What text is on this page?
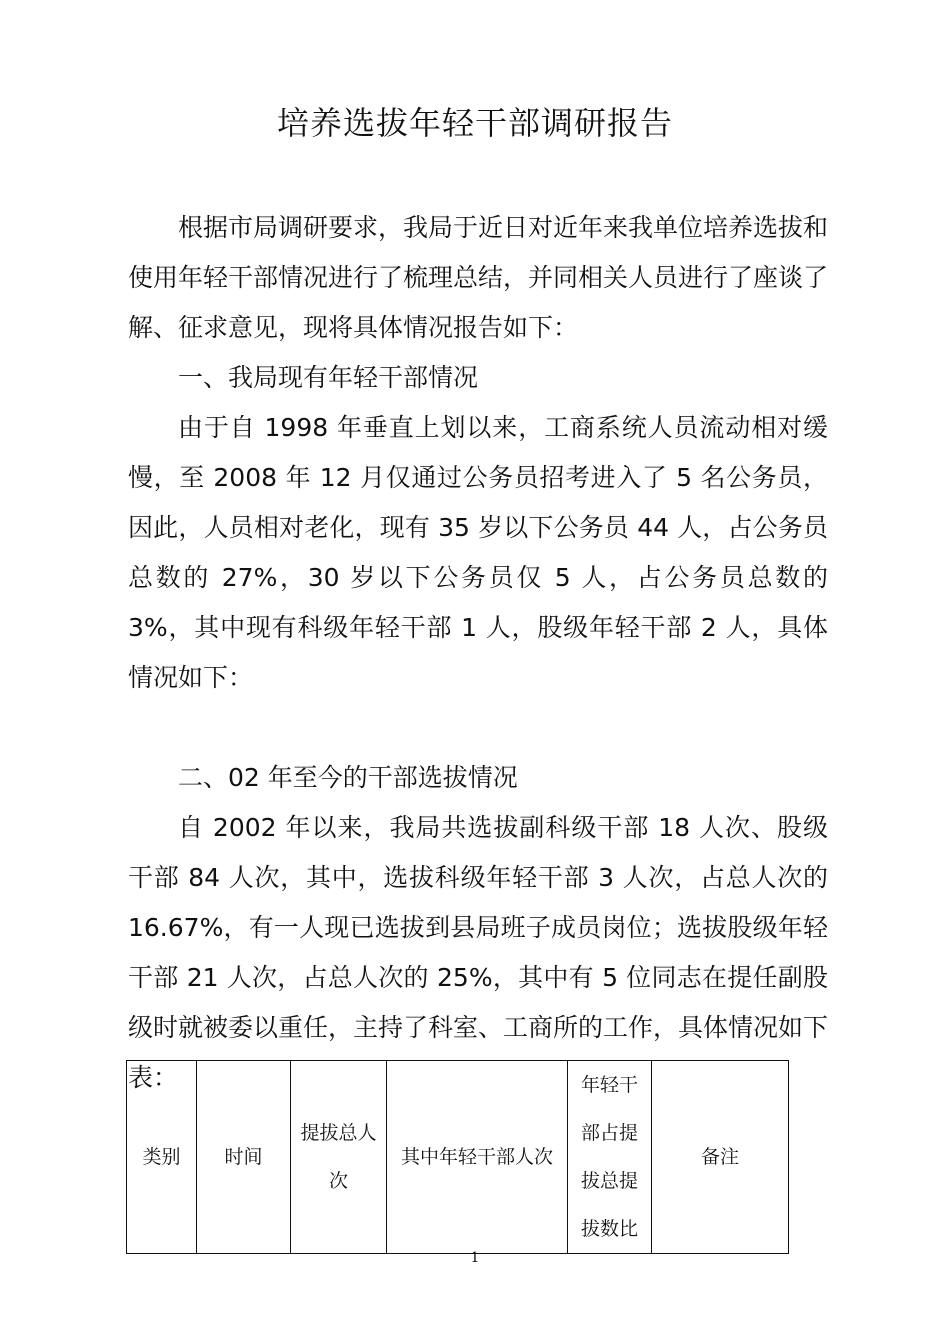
培养选拔年轻干部调研报告

根据市局调研要求，我局于近日对近年来我单位培养选拔和使用年轻干部情况进行了梳理总结，并同相关人员进行了座谈了解、征求意见，现将具体情况报告如下：

一、我局现有年轻干部情况

由于自 1998 年垂直上划以来，工商系统人员流动相对缓慢，至 2008 年 12 月仅通过公务员招考进入了 5 名公务员，因此，人员相对老化，现有 35 岁以下公务员 44 人，占公务员总数的 27%，30 岁以下公务员仅 5 人，占公务员总数的 3%，其中现有科级年轻干部 1 人，股级年轻干部 2 人，具体情况如下：

二、02 年至今的干部选拔情况

自 2002 年以来，我局共选拔副科级干部 18 人次、股级干部 84 人次，其中，选拔科级年轻干部 3 人次，占总人次的 16.67%，有一人现已选拔到县局班子成员岗位；选拔股级年轻干部 21 人次，占总人次的 25%，其中有 5 位同志在提任副股级时就被委以重任，主持了科室、工商所的工作，具体情况如下表：

类别	时间	提拔总人次	其中年轻干部人次	年轻干部占提拔总提拔数比	备注
1
